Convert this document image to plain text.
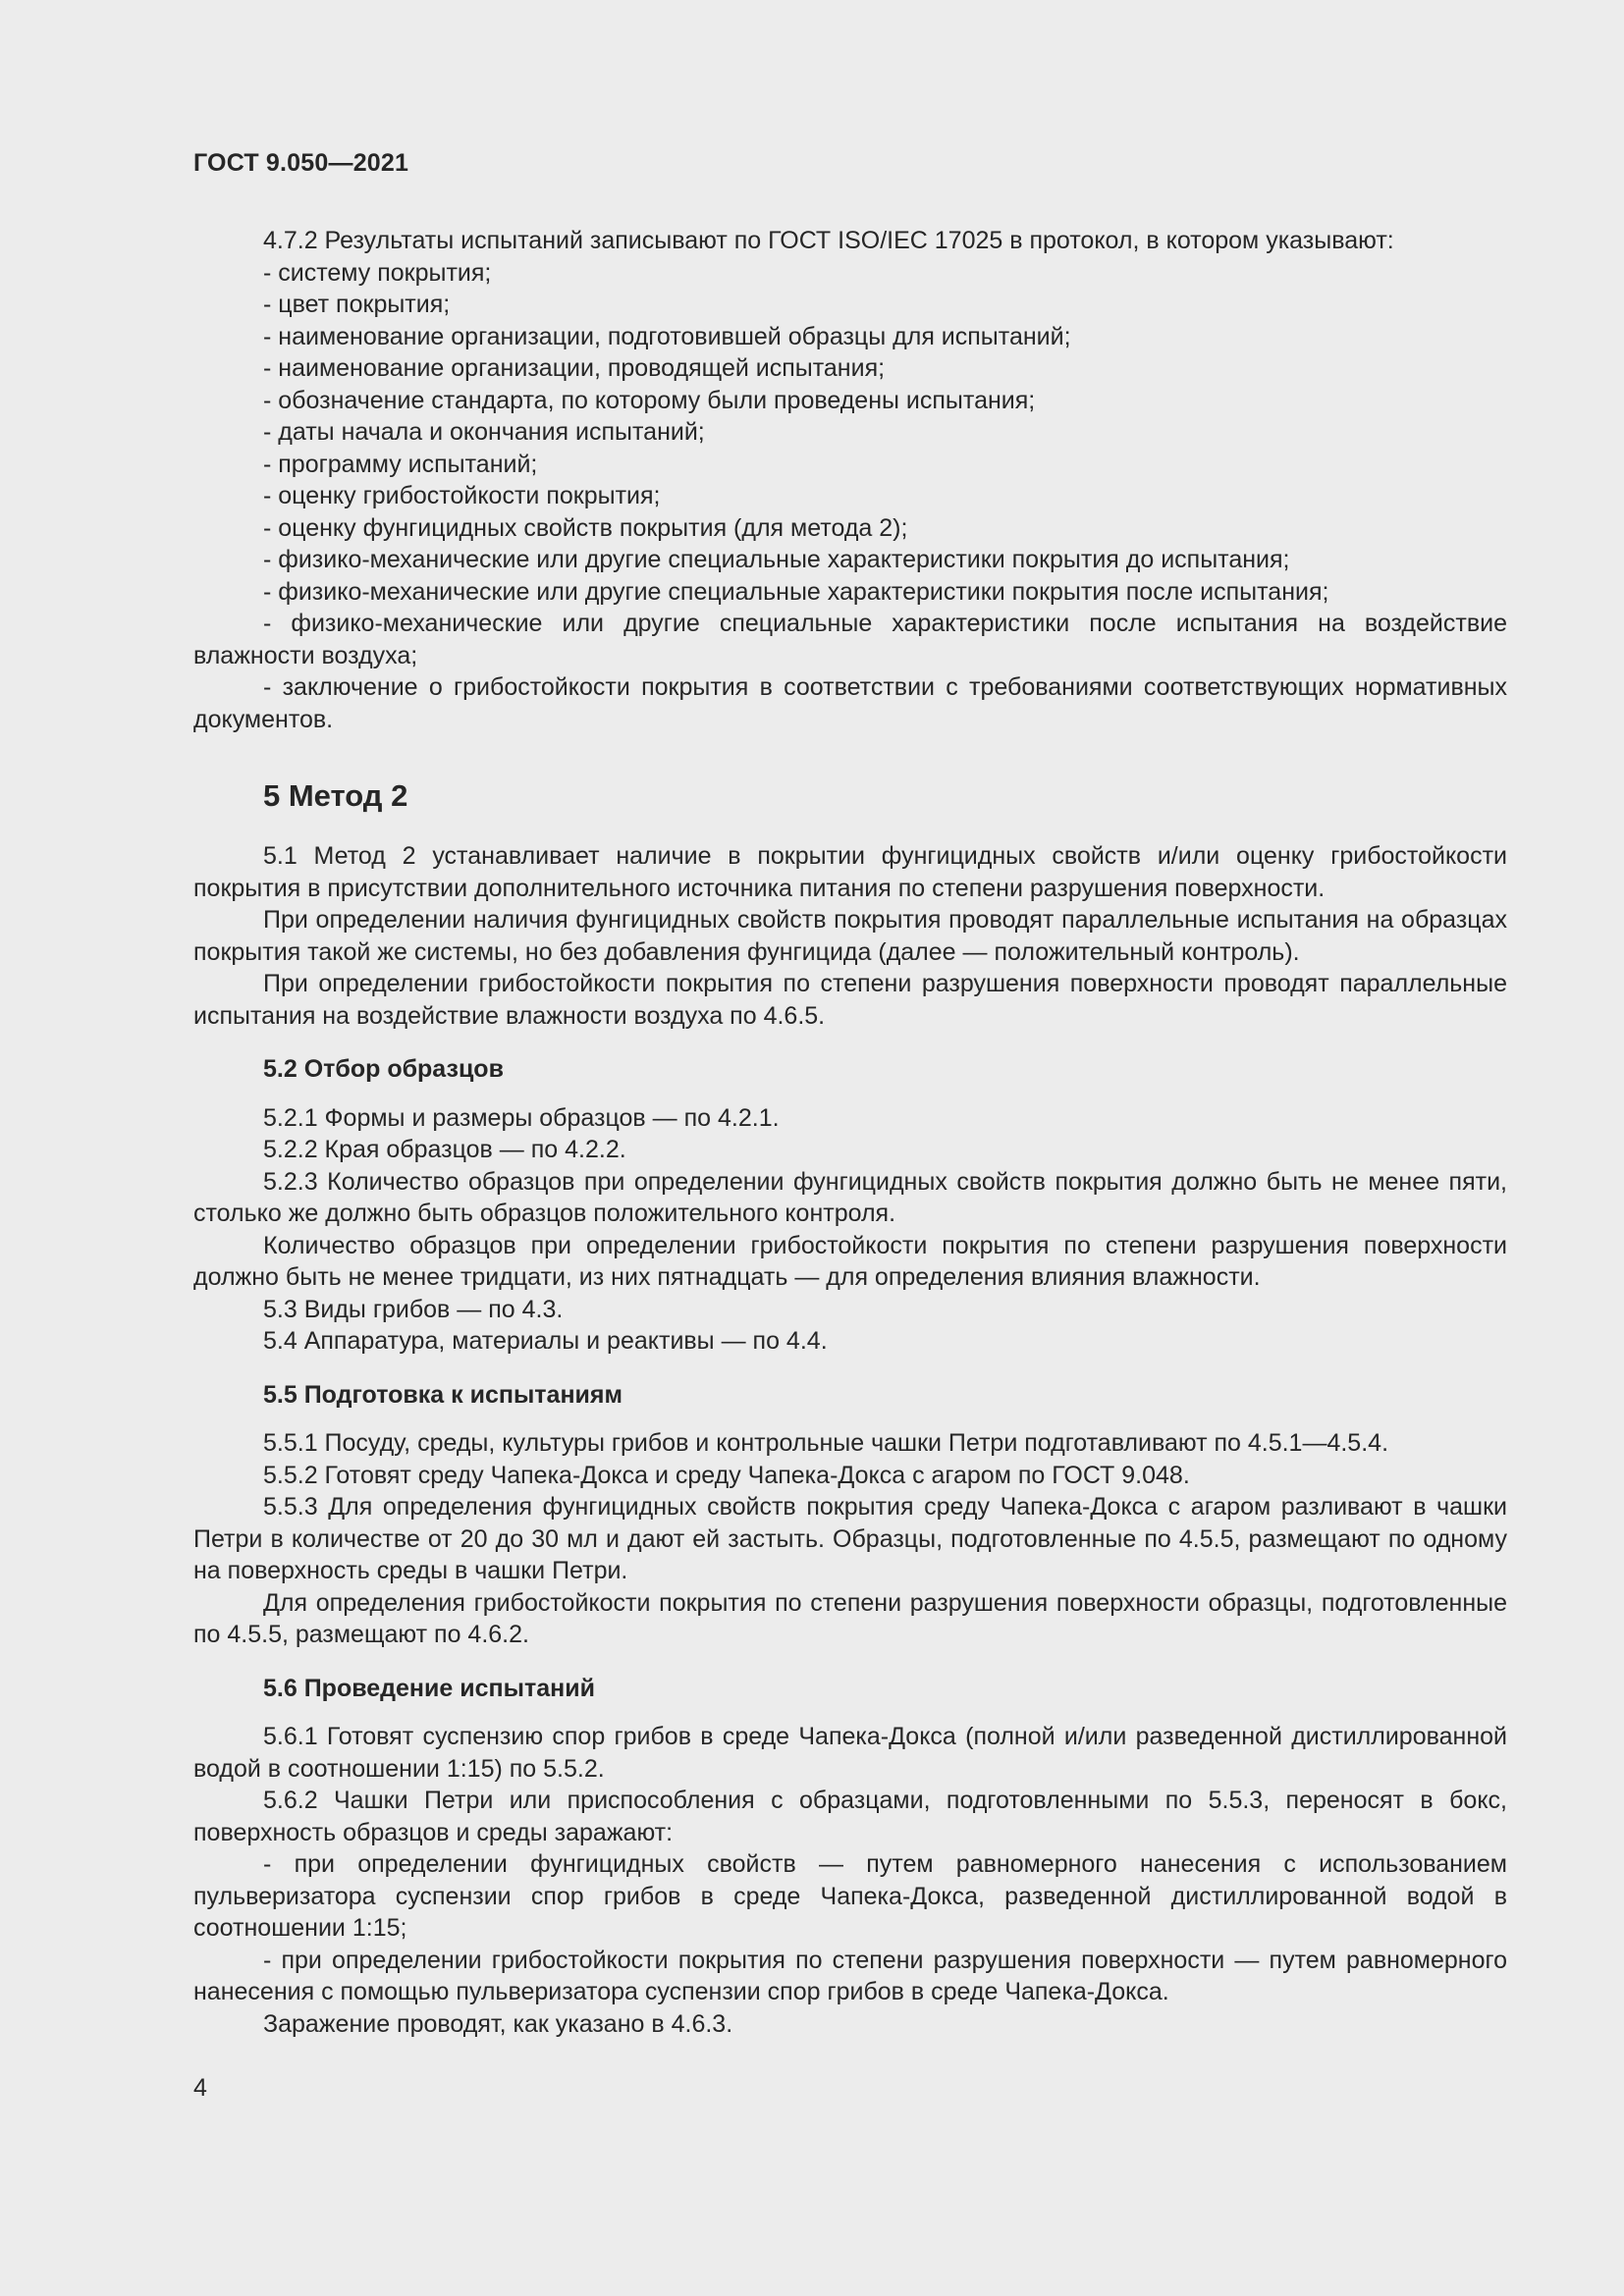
ГОСТ 9.050—2021

4.7.2 Результаты испытаний записывают по ГОСТ ISO/IEC 17025 в протокол, в котором указывают:

- систему покрытия;

- цвет покрытия;

- наименование организации, подготовившей образцы для испытаний;

- наименование организации, проводящей испытания;

- обозначение стандарта, по которому были проведены испытания;

- даты начала и окончания испытаний;

- программу испытаний;

- оценку грибостойкости покрытия;

- оценку фунгицидных свойств покрытия (для метода 2);

- физико-механические или другие специальные характеристики покрытия до испытания;

- физико-механические или другие специальные характеристики покрытия после испытания;

- физико-механические или другие специальные характеристики после испытания на воздействие влажности воздуха;

- заключение о грибостойкости покрытия в соответствии с требованиями соответствующих нормативных документов.

5 Метод 2

5.1 Метод 2 устанавливает наличие в покрытии фунгицидных свойств и/или оценку грибостойкости покрытия в присутствии дополнительного источника питания по степени разрушения поверхности.

При определении наличия фунгицидных свойств покрытия проводят параллельные испытания на образцах покрытия такой же системы, но без добавления фунгицида (далее — положительный контроль).

При определении грибостойкости покрытия по степени разрушения поверхности проводят параллельные испытания на воздействие влажности воздуха по 4.6.5.

5.2 Отбор образцов

5.2.1 Формы и размеры образцов — по 4.2.1.

5.2.2 Края образцов — по 4.2.2.

5.2.3 Количество образцов при определении фунгицидных свойств покрытия должно быть не менее пяти, столько же должно быть образцов положительного контроля.

Количество образцов при определении грибостойкости покрытия по степени разрушения поверхности должно быть не менее тридцати, из них пятнадцать — для определения влияния влажности.

5.3 Виды грибов — по 4.3.

5.4 Аппаратура, материалы и реактивы — по 4.4.

5.5 Подготовка к испытаниям

5.5.1 Посуду, среды, культуры грибов и контрольные чашки Петри подготавливают по 4.5.1—4.5.4.

5.5.2 Готовят среду Чапека-Докса и среду Чапека-Докса с агаром по ГОСТ 9.048.

5.5.3 Для определения фунгицидных свойств покрытия среду Чапека-Докса с агаром разливают в чашки Петри в количестве от 20 до 30 мл и дают ей застыть. Образцы, подготовленные по 4.5.5, размещают по одному на поверхность среды в чашки Петри.

Для определения грибостойкости покрытия по степени разрушения поверхности образцы, подготовленные по 4.5.5, размещают по 4.6.2.

5.6 Проведение испытаний

5.6.1 Готовят суспензию спор грибов в среде Чапека-Докса (полной и/или разведенной дистиллированной водой в соотношении 1:15) по 5.5.2.

5.6.2 Чашки Петри или приспособления с образцами, подготовленными по 5.5.3, переносят в бокс, поверхность образцов и среды заражают:

- при определении фунгицидных свойств — путем равномерного нанесения с использованием пульверизатора суспензии спор грибов в среде Чапека-Докса, разведенной дистиллированной водой в соотношении 1:15;

- при определении грибостойкости покрытия по степени разрушения поверхности — путем равномерного нанесения с помощью пульверизатора суспензии спор грибов в среде Чапека-Докса.

Заражение проводят, как указано в 4.6.3.

4
